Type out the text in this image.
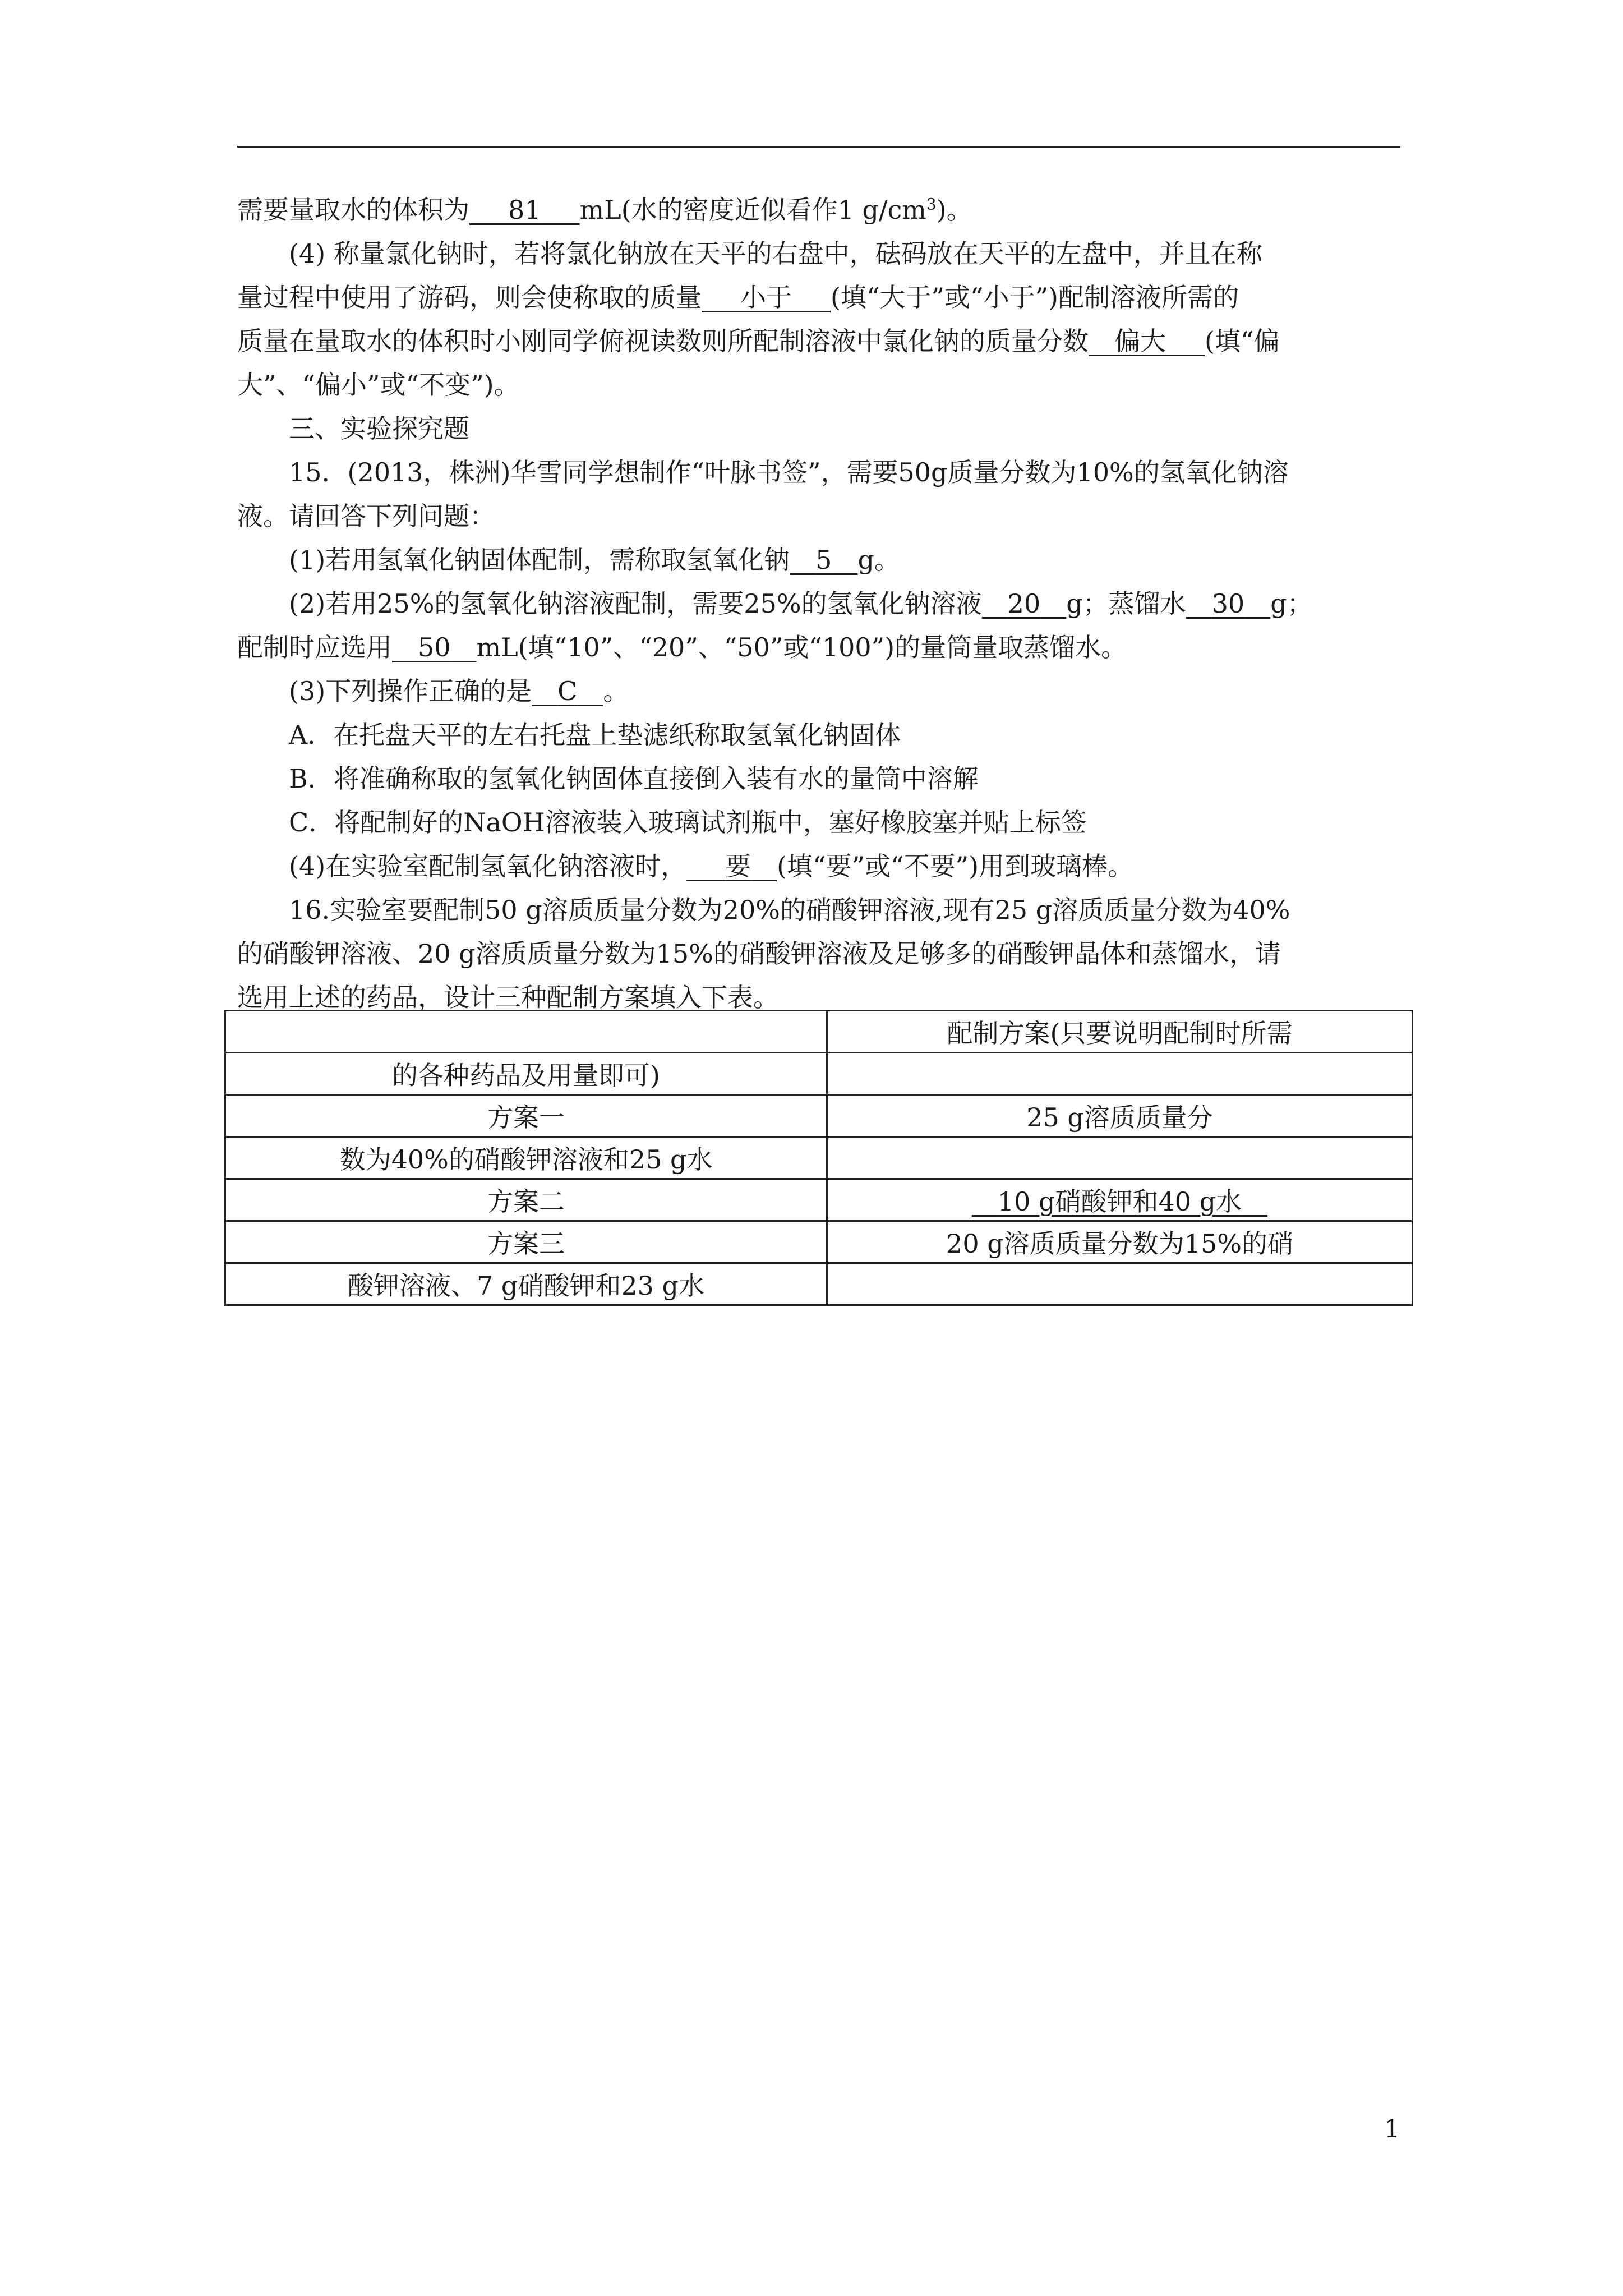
需要量取水的体积为   81   mL(水的密度近似看作1 $g/cm^3$)。
(4) 称量氯化钠时，若将氯化钠放在天平的右盘中，砝码放在天平的左盘中，并且在称
量过程中使用了游码，则会使称取的质量   小于   (填“大于”或“小于”)配制溶液所需的
质量在量取水的体积时小刚同学俯视读数则所配制溶液中氯化钠的质量分数  偏大   (填“偏
大”、“偏小”或“不变”)。
三、实验探究题
15．(2013，株洲)华雪同学想制作“叶脉书签”，需要50g质量分数为10%的氢氧化钠溶
液。请回答下列问题：
(1)若用氢氧化钠固体配制，需称取氢氧化钠  5  g。
(2)若用25%的氢氧化钠溶液配制，需要25%的氢氧化钠溶液  20  g；蒸馏水  30  g；
配制时应选用  50  mL(填“10”、“20”、“50”或“100”)的量筒量取蒸馏水。
(3)下列操作正确的是  C  。
A．在托盘天平的左右托盘上垫滤纸称取氢氧化钠固体
B．将准确称取的氢氧化钠固体直接倒入装有水的量筒中溶解
C．将配制好的NaOH溶液装入玻璃试剂瓶中，塞好橡胶塞并贴上标签
(4)在实验室配制氢氧化钠溶液时，   要  (填“要”或“不要”)用到玻璃棒。
16.实验室要配制50 g溶质质量分数为20%的硝酸钾溶液,现有25 g溶质质量分数为40%
的硝酸钾溶液、20 g溶质质量分数为15%的硝酸钾溶液及足够多的硝酸钾晶体和蒸馏水，请
选用上述的药品，设计三种配制方案填入下表。
	配制方案(只要说明配制时所需
的各种药品及用量即可)	
方案一	25 g溶质质量分
数为40%的硝酸钾溶液和25 g水	
方案二	 10 g硝酸钾和40 g水 
方案三	20 g溶质质量分数为15%的硝
酸钾溶液、7 g硝酸钾和23 g水	
1
